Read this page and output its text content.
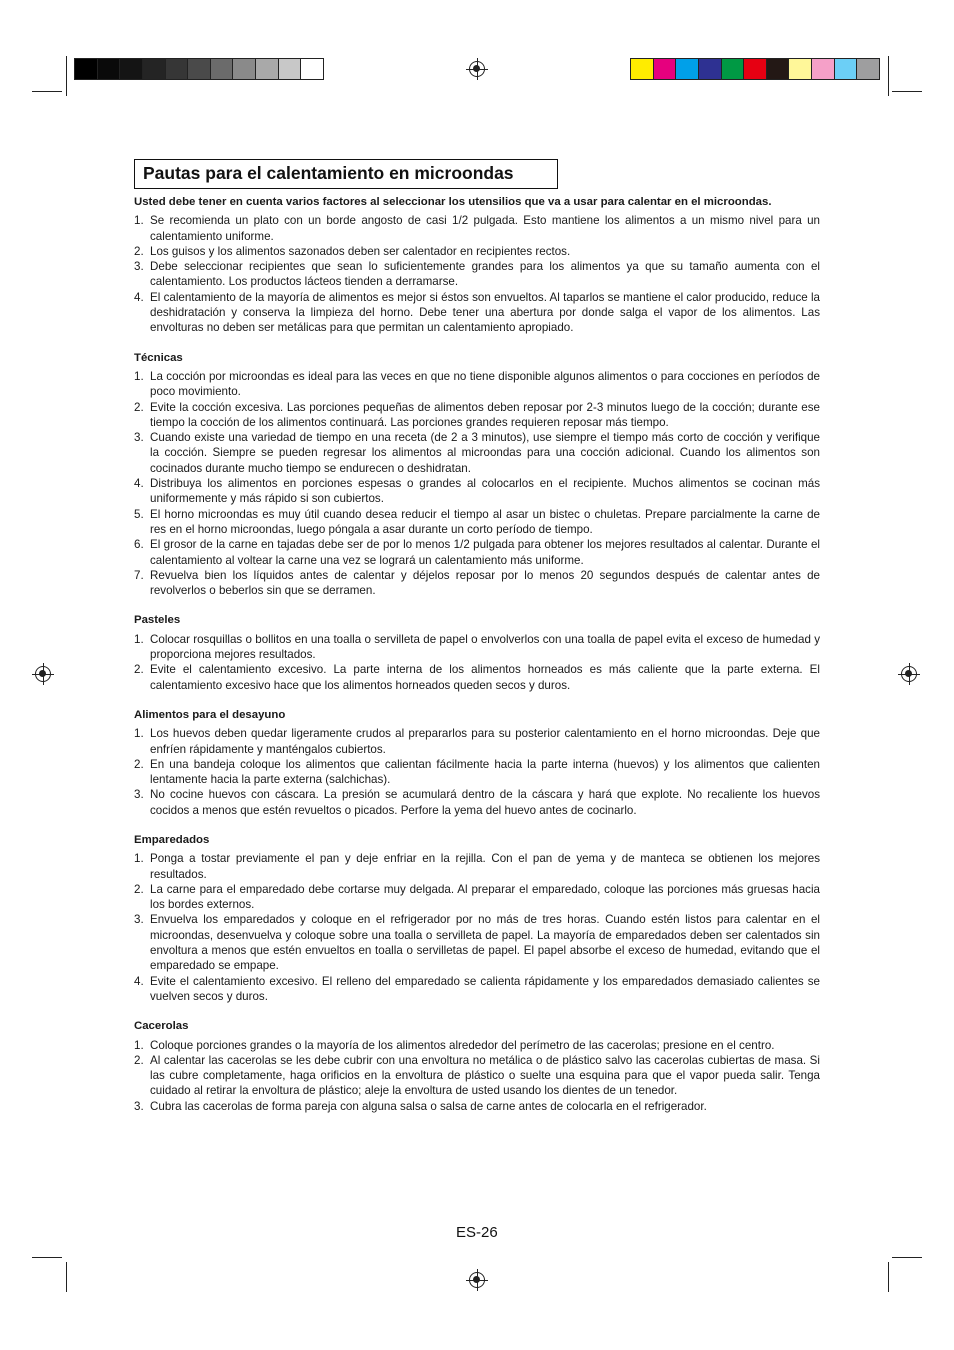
Pautas para el calentamiento en microondas

Usted debe tener en cuenta varios factores al seleccionar los utensilios que va a usar para calentar en el microondas.

1. Se recomienda un plato con un borde angosto de casi 1/2 pulgada. Esto mantiene los alimentos a un mismo nivel para un calentamiento uniforme.
2. Los guisos y los alimentos sazonados deben ser calentador en recipientes rectos.
3. Debe seleccionar recipientes que sean lo suficientemente grandes para los alimentos ya que su tamaño aumenta con el calentamiento. Los productos lácteos tienden a derramarse.
4. El calentamiento de la mayoría de alimentos es mejor si éstos son envueltos. Al taparlos se mantiene el calor producido, reduce la deshidratación y conserva la limpieza del horno. Debe tener una abertura por donde salga el vapor de los alimentos. Las envolturas no deben ser metálicas para que permitan un calentamiento apropiado.

Técnicas

1. La cocción por microondas es ideal para las veces en que no tiene disponible algunos alimentos o para cocciones en períodos de poco movimiento.
2. Evite la cocción excesiva. Las porciones pequeñas de alimentos deben reposar por 2-3 minutos luego de la cocción; durante ese tiempo la cocción de los alimentos continuará. Las porciones grandes requieren reposar más tiempo.
3. Cuando existe una variedad de tiempo en una receta (de 2 a 3 minutos), use siempre el tiempo más corto de cocción y verifique la cocción. Siempre se pueden regresar los alimentos al microondas para una cocción adicional. Cuando los alimentos son cocinados durante mucho tiempo se endurecen o deshidratan.
4. Distribuya los alimentos en porciones espesas o grandes al colocarlos en el recipiente. Muchos alimentos se cocinan más uniformemente y más rápido si son cubiertos.
5. El horno microondas es muy útil cuando desea reducir el tiempo al asar un bistec o chuletas. Prepare parcialmente la carne de res en el horno microondas, luego póngala a asar durante un corto período de tiempo.
6. El grosor de la carne en tajadas debe ser de por lo menos 1/2 pulgada para obtener los mejores resultados al calentar. Durante el calentamiento al voltear la carne una vez se logrará un calentamiento más uniforme.
7. Revuelva bien los líquidos antes de calentar y déjelos reposar por lo menos 20 segundos después de calentar antes de revolverlos o beberlos sin que se derramen.

Pasteles

1. Colocar rosquillas o bollitos en una toalla o servilleta de papel o envolverlos con una toalla de papel evita el exceso de humedad y proporciona mejores resultados.
2. Evite el calentamiento excesivo. La parte interna de los alimentos horneados es más caliente que la parte externa. El calentamiento excesivo hace que los alimentos horneados queden secos y duros.

Alimentos para el desayuno

1. Los huevos deben quedar ligeramente crudos al prepararlos para su posterior calentamiento en el horno microondas. Deje que enfríen rápidamente y manténgalos cubiertos.
2. En una bandeja coloque los alimentos que calientan fácilmente hacia la parte interna (huevos) y los alimentos que calienten lentamente hacia la parte externa (salchichas).
3. No cocine huevos con cáscara. La presión se acumulará dentro de la cáscara y hará que explote. No recaliente los huevos cocidos a menos que estén revueltos o picados. Perfore la yema del huevo antes de cocinarlo.

Emparedados

1. Ponga a tostar previamente el pan y deje enfriar en la rejilla. Con el pan de yema y de manteca se obtienen los mejores resultados.
2. La carne para el emparedado debe cortarse muy delgada. Al preparar el emparedado, coloque las porciones más gruesas hacia los bordes externos.
3. Envuelva los emparedados y coloque en el refrigerador por no más de tres horas. Cuando estén listos para calentar en el microondas, desenvuelva y coloque sobre una toalla o servilleta de papel. La mayoría de emparedados deben ser calentados sin envoltura a menos que estén envueltos en toalla o servilletas de papel. El papel absorbe el exceso de humedad, evitando que el emparedado se empape.
4. Evite el calentamiento excesivo. El relleno del emparedado se calienta rápidamente y los emparedados demasiado calientes se vuelven secos y duros.

Cacerolas

1. Coloque porciones grandes o la mayoría de los alimentos alrededor del perímetro de las cacerolas; presione en el centro.
2. Al calentar las cacerolas se les debe cubrir con una envoltura no metálica o de plástico salvo las cacerolas cubiertas de masa. Si las cubre completamente, haga orificios en la envoltura de plástico o suelte una esquina para que el vapor pueda salir. Tenga cuidado al retirar la envoltura de plástico; aleje la envoltura de usted usando los dientes de un tenedor.
3. Cubra las cacerolas de forma pareja con alguna salsa o salsa de carne antes de colocarla en el refrigerador.
ES-26
